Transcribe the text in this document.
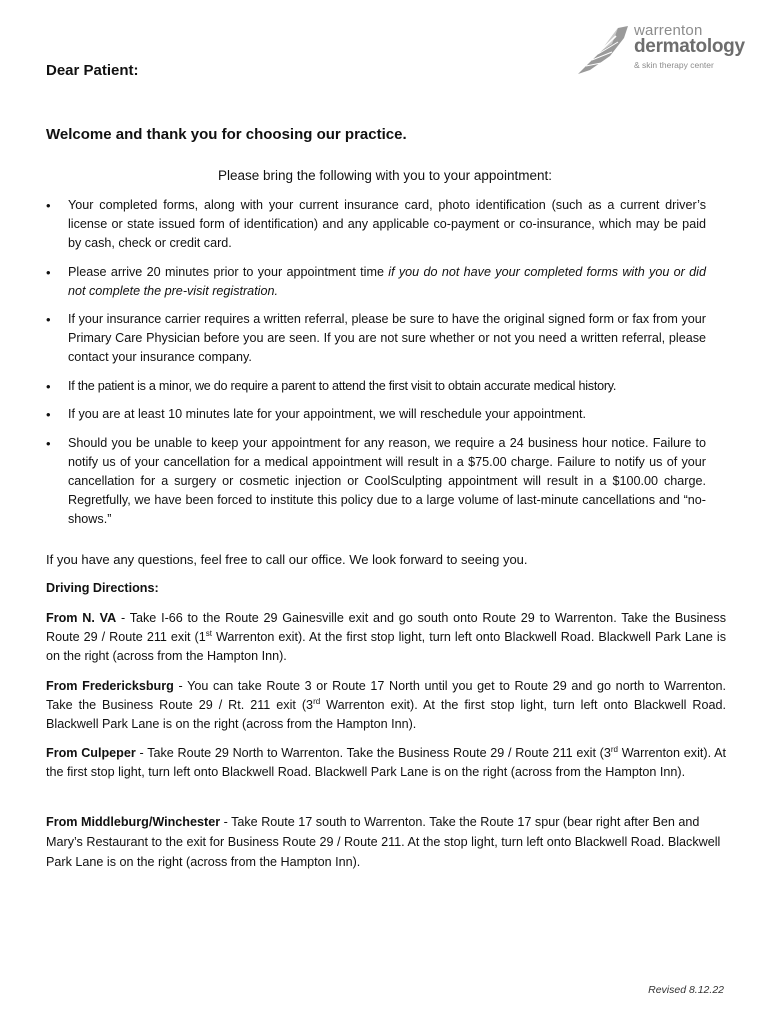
warrenton
dermatology
& skin therapy center
Dear Patient:
Welcome and thank you for choosing our practice.
Please bring the following with you to your appointment:
• Your completed forms, along with your current insurance card, photo identification (such as a current driver’s license or state issued form of identification) and any applicable co-payment or co-insurance, which may be paid by cash, check or credit card.
• Please arrive 20 minutes prior to your appointment time if you do not have your completed forms with you or did not complete the pre-visit registration.
• If your insurance carrier requires a written referral, please be sure to have the original signed form or fax from your Primary Care Physician before you are seen. If you are not sure whether or not you need a written referral, please contact your insurance company.
• If the patient is a minor, we do require a parent to attend the first visit to obtain accurate medical history.
• If you are at least 10 minutes late for your appointment, we will reschedule your appointment.
• Should you be unable to keep your appointment for any reason, we require a 24 business hour notice. Failure to notify us of your cancellation for a medical appointment will result in a $75.00 charge. Failure to notify us of your cancellation for a surgery or cosmetic injection or CoolSculpting appointment will result in a $100.00 charge. Regretfully, we have been forced to institute this policy due to a large volume of last-minute cancellations and “no-shows.”
If you have any questions, feel free to call our office. We look forward to seeing you.
Driving Directions:
From N. VA - Take I-66 to the Route 29 Gainesville exit and go south onto Route 29 to Warrenton. Take the Business Route 29 / Route 211 exit (1st Warrenton exit). At the first stop light, turn left onto Blackwell Road. Blackwell Park Lane is on the right (across from the Hampton Inn).
From Fredericksburg - You can take Route 3 or Route 17 North until you get to Route 29 and go north to Warrenton. Take the Business Route 29 / Rt. 211 exit (3rd Warrenton exit). At the first stop light, turn left onto Blackwell Road. Blackwell Park Lane is on the right (across from the Hampton Inn).
From Culpeper - Take Route 29 North to Warrenton. Take the Business Route 29 / Route 211 exit (3rd Warrenton exit). At the first stop light, turn left onto Blackwell Road. Blackwell Park Lane is on the right (across from the Hampton Inn).
From Middleburg/Winchester - Take Route 17 south to Warrenton. Take the Route 17 spur (bear right after Ben and Mary’s Restaurant to the exit for Business Route 29 / Route 211. At the stop light, turn left onto Blackwell Road. Blackwell Park Lane is on the right (across from the Hampton Inn).
Revised 8.12.22
